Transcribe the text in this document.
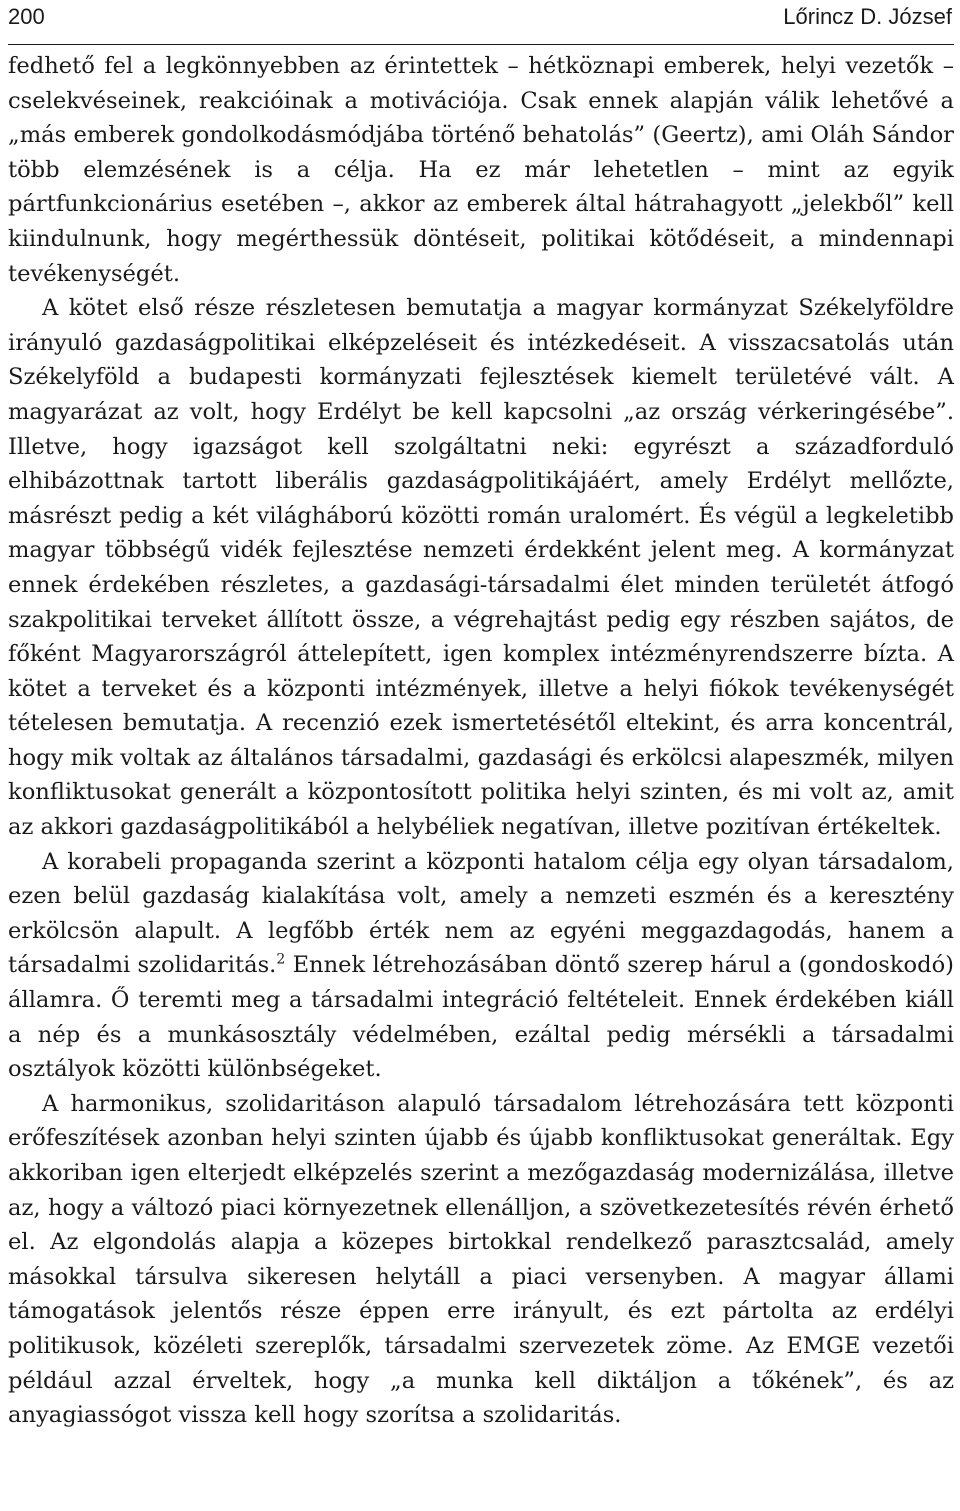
200	Lőrincz D. József

fedhető fel a legkönnyebben az érintettek – hétköznapi emberek, helyi vezetők – cselekvéseinek, reakcióinak a motivációja. Csak ennek alapján válik lehetővé a „más emberek gondolkodásmódjába történő behatolás” (Geertz), ami Oláh Sándor több elemzésének is a célja. Ha ez már lehetetlen – mint az egyik pártfunkcionárius esetében –, akkor az emberek által hátrahagyott „jelekből” kell kiindulnunk, hogy megérthessük döntéseit, politikai kötődéseit, a mindennapi tevékenységét.

A kötet első része részletesen bemutatja a magyar kormányzat Székelyföldre irányuló gazdaságpolitikai elképzeléseit és intézkedéseit. A visszacsatolás után Székelyföld a budapesti kormányzati fejlesztések kiemelt területévé vált. A magyarázat az volt, hogy Erdélyt be kell kapcsolni „az ország vérkeringésébe”. Illetve, hogy igazságot kell szolgáltatni neki: egyrészt a századforduló elhibázottnak tartott liberális gazdaságpolitikájáért, amely Erdélyt mellőzte, másrészt pedig a két világháború közötti román uralomért. És végül a legkeletibb magyar többségű vidék fejlesztése nemzeti érdekként jelent meg. A kormányzat ennek érdekében részletes, a gazdasági-társadalmi élet minden területét átfogó szakpolitikai terveket állított össze, a végrehajtást pedig egy részben sajátos, de főként Magyarországról áttelepített, igen komplex intézményrendszerre bízta. A kötet a terveket és a központi intézmények, illetve a helyi fiókok tevékenységét tételesen bemutatja. A recenzió ezek ismertetésétől eltekint, és arra koncentrál, hogy mik voltak az általános társadalmi, gazdasági és erkölcsi alapeszmék, milyen konfliktusokat generált a központosított politika helyi szinten, és mi volt az, amit az akkori gazdaságpolitikából a helybéliek negatívan, illetve pozitívan értékeltek.

A korabeli propaganda szerint a központi hatalom célja egy olyan társadalom, ezen belül gazdaság kialakítása volt, amely a nemzeti eszmén és a keresztény erkölcsön alapult. A legfőbb érték nem az egyéni meggazdagodás, hanem a társadalmi szolidaritás.$^2$ Ennek létrehozásában döntő szerep hárul a (gondoskodó) államra. Ő teremti meg a társadalmi integráció feltételeit. Ennek érdekében kiáll a nép és a munkásosztály védelmében, ezáltal pedig mérsékli a társadalmi osztályok közötti különbségeket.

A harmonikus, szolidaritáson alapuló társadalom létrehozására tett központi erőfeszítések azonban helyi szinten újabb és újabb konfliktusokat generáltak. Egy akkoriban igen elterjedt elképzelés szerint a mezőgazdaság modernizálása, illetve az, hogy a változó piaci környezetnek ellenálljon, a szövetkezetesítés révén érhető el. Az elgondolás alapja a közepes birtokkal rendelkező parasztcsalád, amely másokkal társulva sikeresen helytáll a piaci versenyben. A magyar állami támogatások jelentős része éppen erre irányult, és ezt pártolta az erdélyi politikusok, közéleti szereplők, társadalmi szervezetek zöme. Az EMGE vezetői például azzal érveltek, hogy „a munka kell diktáljon a tőkének”, és az anyagiassógot vissza kell hogy szorítsa a szolidaritás.
